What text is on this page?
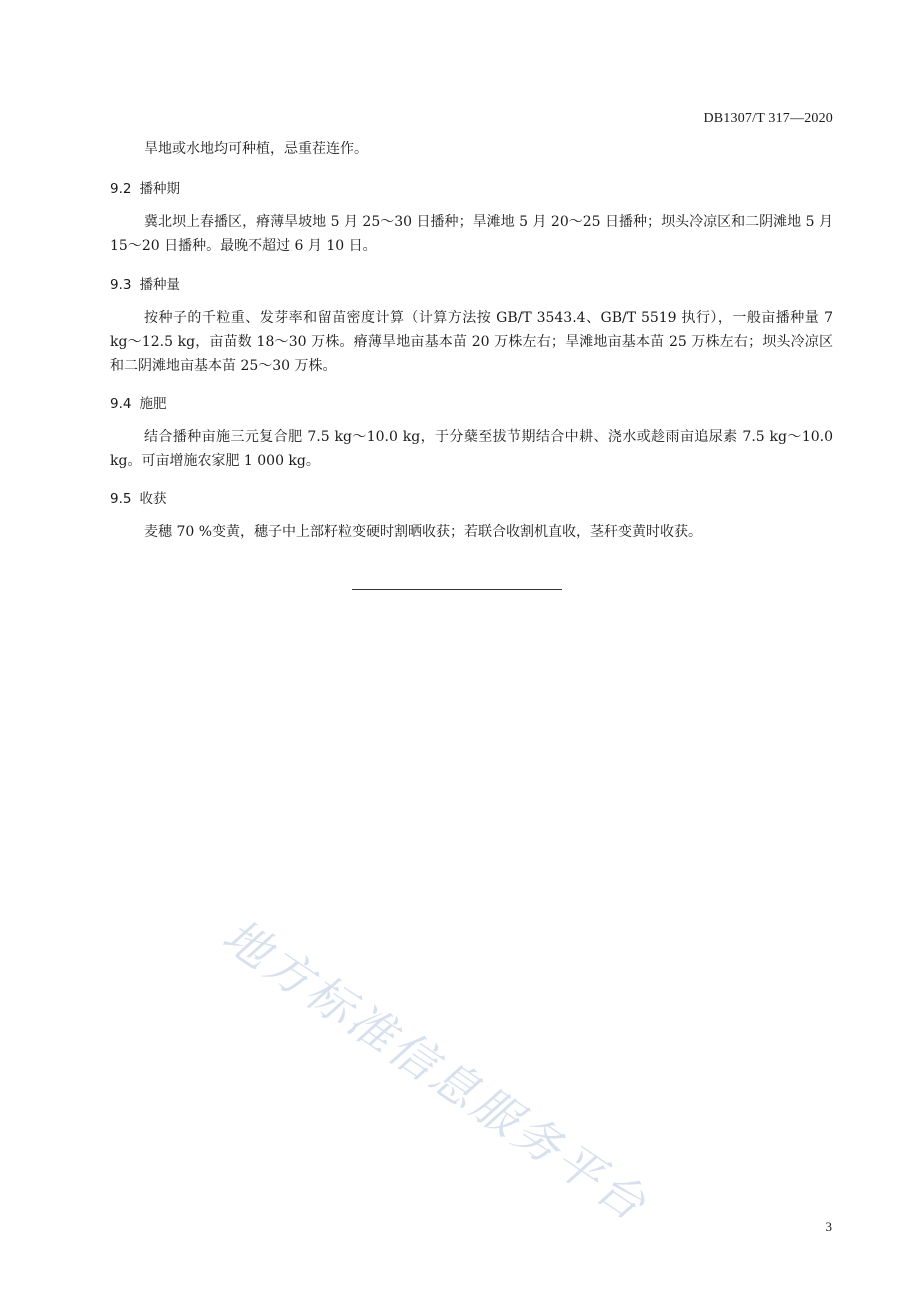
DB1307/T 317—2020

旱地或水地均可种植，忌重茬连作。

9.2 播种期

冀北坝上春播区，瘠薄旱坡地 5 月 25～30 日播种；旱滩地 5 月 20～25 日播种；坝头冷凉区和二阴滩地 5 月 15～20 日播种。最晚不超过 6 月 10 日。

9.3 播种量

按种子的千粒重、发芽率和留苗密度计算（计算方法按 GB/T 3543.4、GB/T 5519 执行），一般亩播种量 7 kg～12.5 kg，亩苗数 18～30 万株。瘠薄旱地亩基本苗 20 万株左右；旱滩地亩基本苗 25 万株左右；坝头冷凉区和二阴滩地亩基本苗 25～30 万株。

9.4 施肥

结合播种亩施三元复合肥 7.5 kg～10.0 kg，于分蘖至拔节期结合中耕、浇水或趁雨亩追尿素 7.5 kg～10.0 kg。可亩增施农家肥 1 000 kg。

9.5 收获

麦穗 70 %变黄，穗子中上部籽粒变硬时割晒收获；若联合收割机直收，茎秆变黄时收获。

地方标准信息服务平台	3
